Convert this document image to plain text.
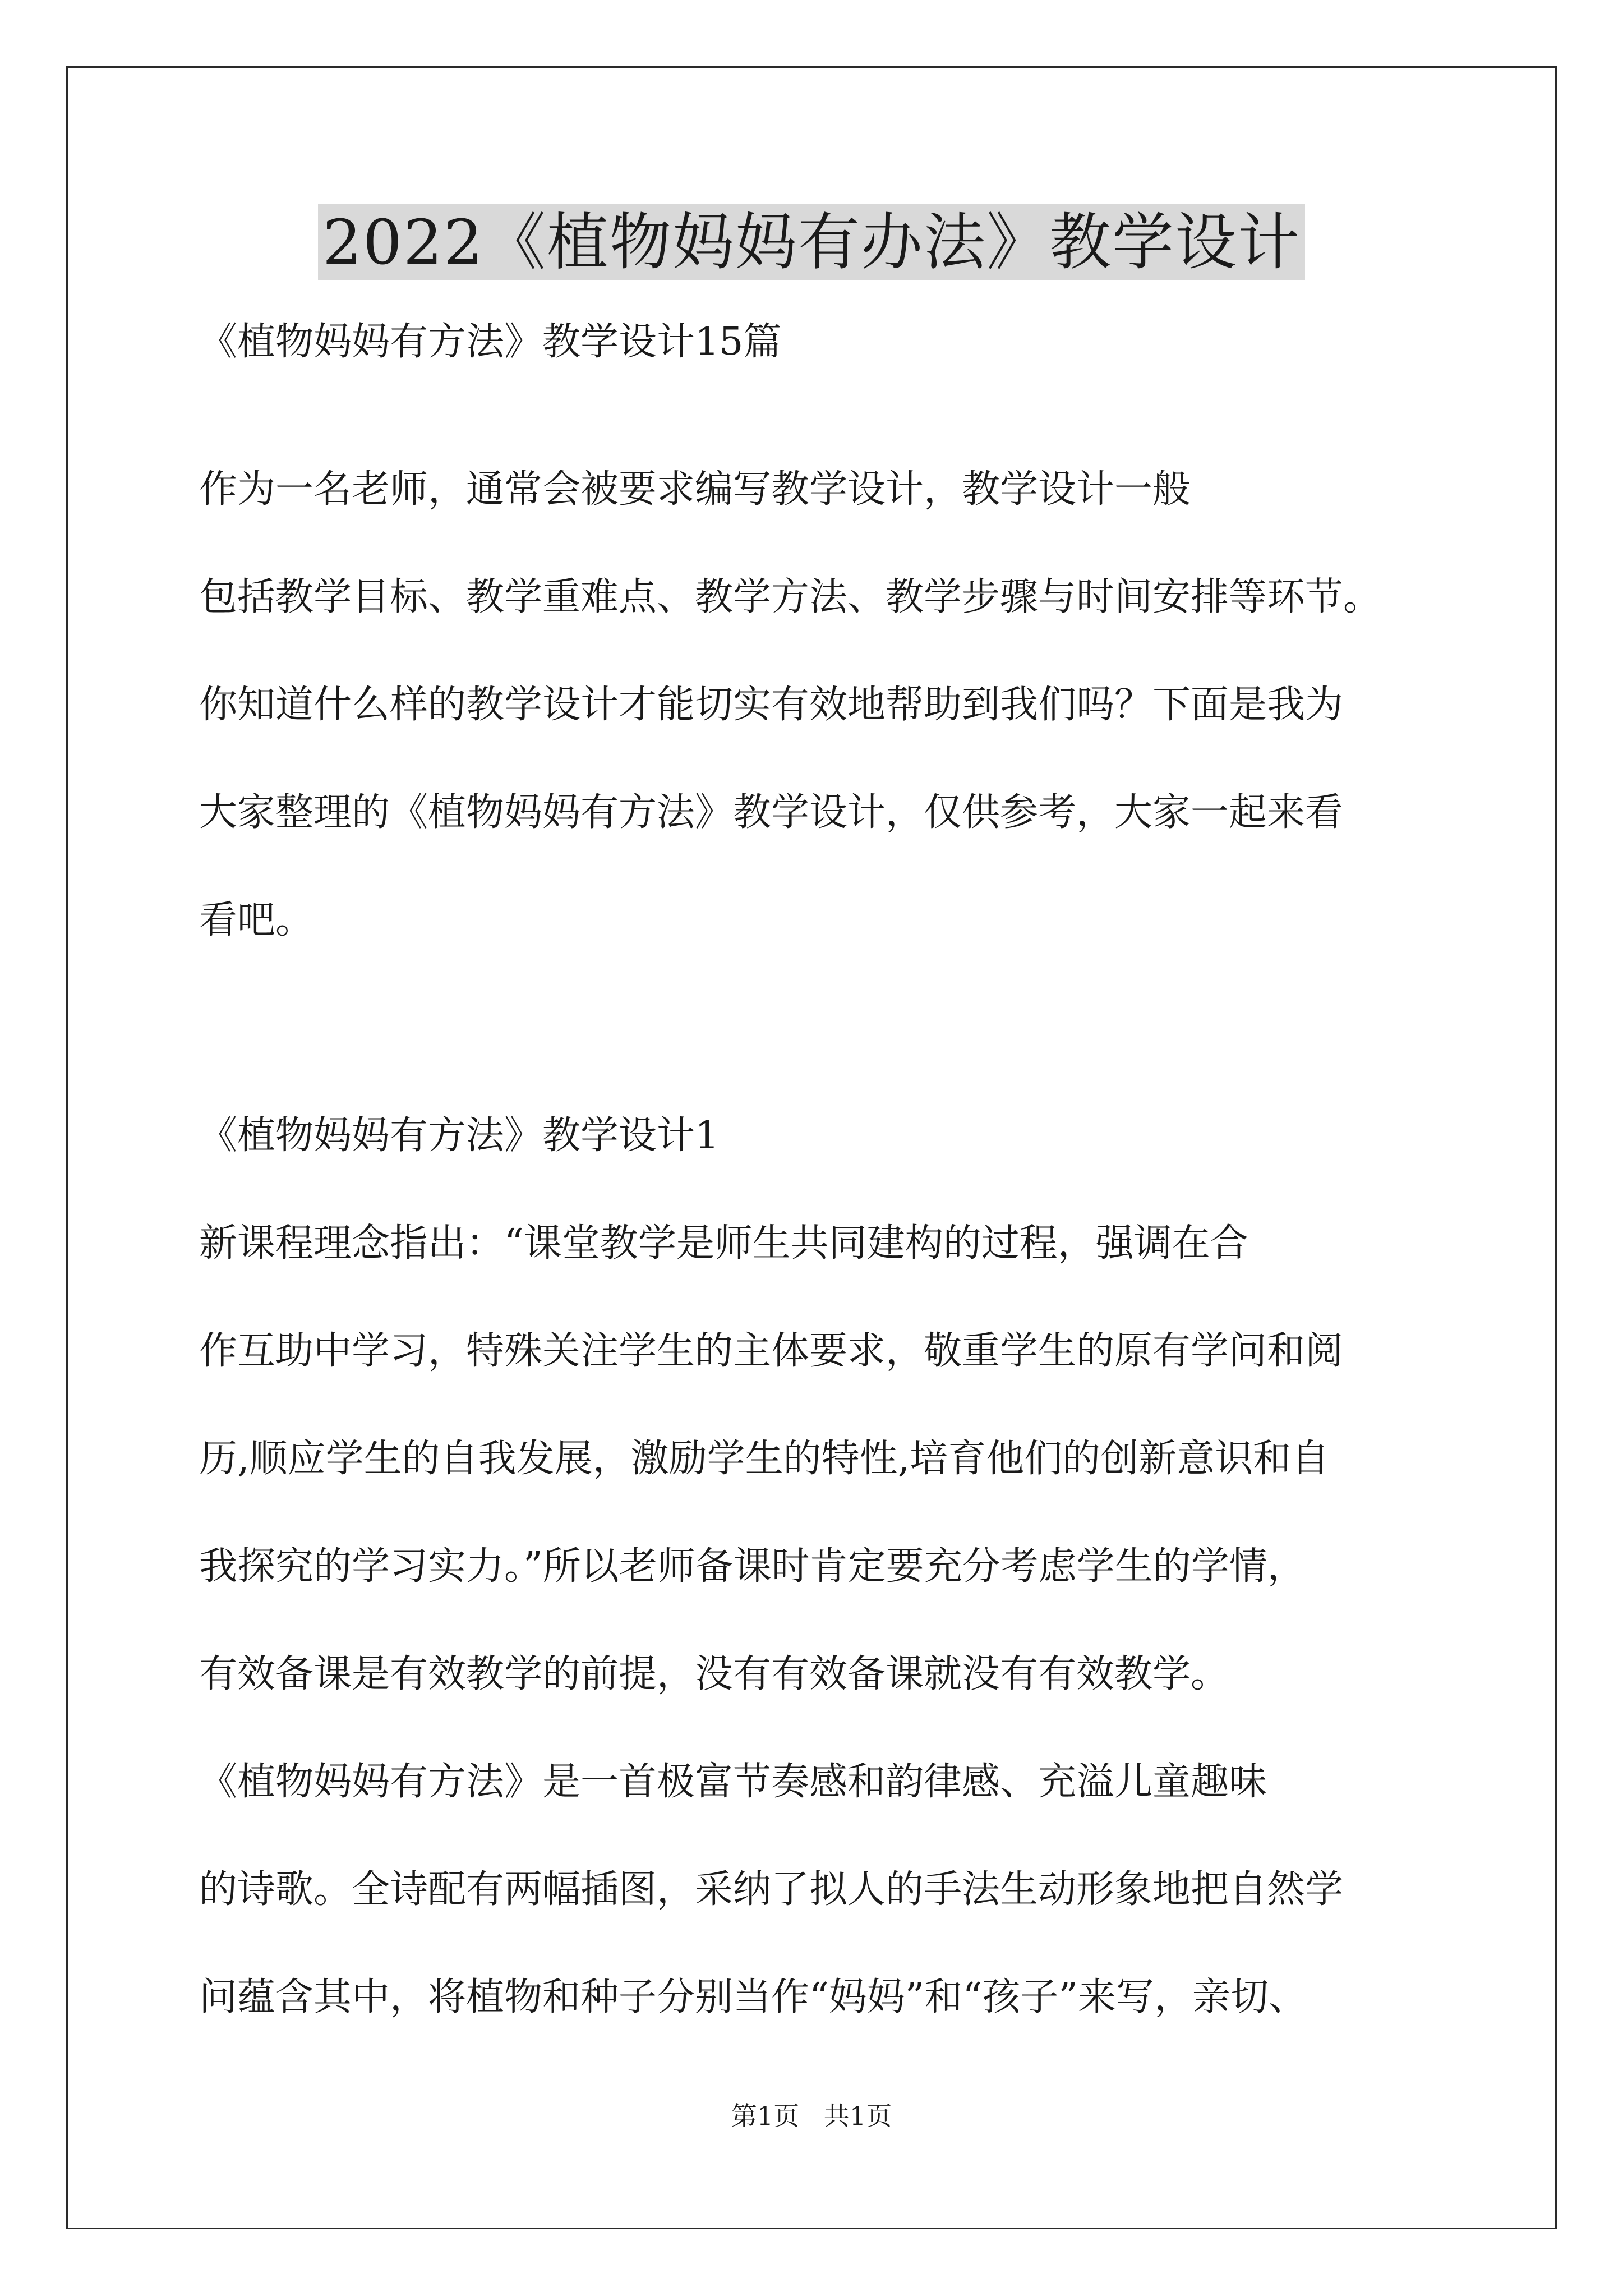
2022《植物妈妈有办法》教学设计

《植物妈妈有方法》教学设计15篇

作为一名老师，通常会被要求编写教学设计，教学设计一般

包括教学目标、教学重难点、教学方法、教学步骤与时间安排等环节。

你知道什么样的教学设计才能切实有效地帮助到我们吗？下面是我为

大家整理的《植物妈妈有方法》教学设计，仅供参考，大家一起来看

看吧。

《植物妈妈有方法》教学设计1

新课程理念指出：“课堂教学是师生共同建构的过程，强调在合

作互助中学习，特殊关注学生的主体要求，敬重学生的原有学问和阅

历,顺应学生的自我发展，激励学生的特性,培育他们的创新意识和自

我探究的学习实力。”所以老师备课时肯定要充分考虑学生的学情，

有效备课是有效教学的前提，没有有效备课就没有有效教学。

《植物妈妈有方法》是一首极富节奏感和韵律感、充溢儿童趣味

的诗歌。全诗配有两幅插图，采纳了拟人的手法生动形象地把自然学

问蕴含其中，将植物和种子分别当作“妈妈”和“孩子”来写，亲切、

第1页   共1页
